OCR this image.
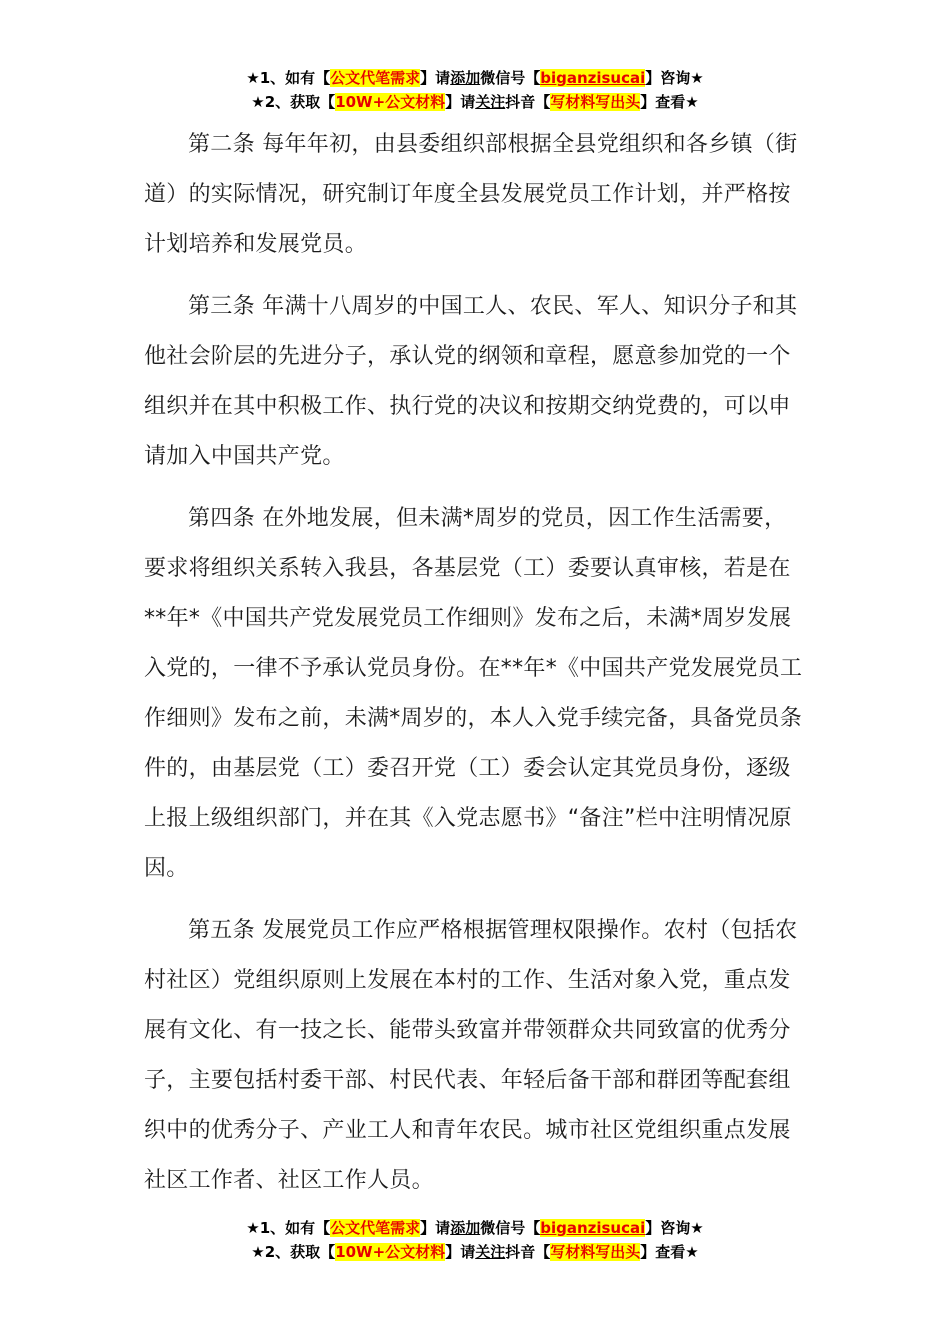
★1、如有【公文代笔需求】请添加微信号【biganzisucai】咨询★
★2、获取【10W+公文材料】请关注抖音【写材料写出头】查看★

第二条 每年年初，由县委组织部根据全县党组织和各乡镇（街道）的实际情况，研究制订年度全县发展党员工作计划，并严格按计划培养和发展党员。

第三条 年满十八周岁的中国工人、农民、军人、知识分子和其他社会阶层的先进分子，承认党的纲领和章程，愿意参加党的一个组织并在其中积极工作、执行党的决议和按期交纳党费的，可以申请加入中国共产党。

第四条 在外地发展，但未满*周岁的党员，因工作生活需要，要求将组织关系转入我县，各基层党（工）委要认真审核，若是在**年*《中国共产党发展党员工作细则》发布之后，未满*周岁发展入党的，一律不予承认党员身份。在**年*《中国共产党发展党员工作细则》发布之前，未满*周岁的，本人入党手续完备，具备党员条件的，由基层党（工）委召开党（工）委会认定其党员身份，逐级上报上级组织部门，并在其《入党志愿书》“备注”栏中注明情况原因。

第五条 发展党员工作应严格根据管理权限操作。农村（包括农村社区）党组织原则上发展在本村的工作、生活对象入党，重点发展有文化、有一技之长、能带头致富并带领群众共同致富的优秀分子，主要包括村委干部、村民代表、年轻后备干部和群团等配套组织中的优秀分子、产业工人和青年农民。城市社区党组织重点发展社区工作者、社区工作人员。

★1、如有【公文代笔需求】请添加微信号【biganzisucai】咨询★
★2、获取【10W+公文材料】请关注抖音【写材料写出头】查看★
